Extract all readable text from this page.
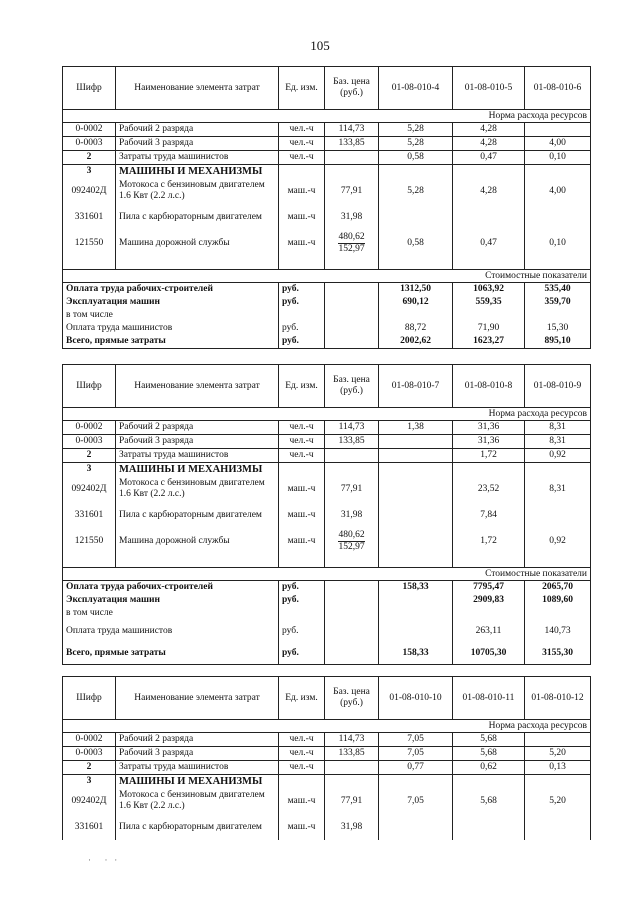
105
Шифр	Наименование элемента затрат	Ед. изм.	Баз. цена (руб.)	01-08-010-4	01-08-010-5	01-08-010-6
Норма расхода ресурсов						
0-0002	Рабочий 2 разряда	чел.-ч	114,73	5,28	4,28	
0-0003	Рабочий 3 разряда	чел.-ч	133,85	5,28	4,28	4,00
2	Затраты труда машинистов	чел.-ч		0,58	0,47	0,10
3	МАШИНЫ И МЕХАНИЗМЫ					
092402Д	Мотокоса с бензиновым двигателем 1.6 Квт (2.2 л.с.)	маш.-ч	77,91	5,28	4,28	4,00
331601	Пила с карбюраторным двигателем	маш.-ч	31,98			
121550	Машина дорожной службы	маш.-ч	$\frac{480,62}{152,97}$	0,58	0,47	0,10

Стоимостные показатели						
Оплата труда рабочих-строителей		руб.		1312,50	1063,92	535,40
Эксплуатация машин		руб.		690,12	559,35	359,70
в том числе						
Оплата труда машинистов		руб.		88,72	71,90	15,30
Всего, прямые затраты		руб.		2002,62	1623,27	895,10
Шифр	Наименование элемента затрат	Ед. изм.	Баз. цена (руб.)	01-08-010-7	01-08-010-8	01-08-010-9
Норма расхода ресурсов						
0-0002	Рабочий 2 разряда	чел.-ч	114,73	1,38	31,36	8,31
0-0003	Рабочий 3 разряда	чел.-ч	133,85		31,36	8,31
2	Затраты труда машинистов	чел.-ч			1,72	0,92
3	МАШИНЫ И МЕХАНИЗМЫ					
092402Д	Мотокоса с бензиновым двигателем 1.6 Квт (2.2 л.с.)	маш.-ч	77,91		23,52	8,31
331601	Пила с карбюраторным двигателем	маш.-ч	31,98		7,84	
121550	Машина дорожной службы	маш.-ч	$\frac{480,62}{152,97}$		1,72	0,92

Стоимостные показатели						
Оплата труда рабочих-строителей		руб.		158,33	7795,47	2065,70
Эксплуатация машин		руб.			2909,83	1089,60
в том числе						
Оплата труда машинистов		руб.			263,11	140,73
Всего, прямые затраты		руб.		158,33	10705,30	3155,30
Шифр	Наименование элемента затрат	Ед. изм.	Баз. цена (руб.)	01-08-010-10	01-08-010-11	01-08-010-12
Норма расхода ресурсов						
0-0002	Рабочий 2 разряда	чел.-ч	114,73	7,05	5,68	
0-0003	Рабочий 3 разряда	чел.-ч	133,85	7,05	5,68	5,20
2	Затраты труда машинистов	чел.-ч		0,77	0,62	0,13
3	МАШИНЫ И МЕХАНИЗМЫ					
092402Д	Мотокоса с бензиновым двигателем 1.6 Квт (2.2 л.с.)	маш.-ч	77,91	7,05	5,68	5,20
331601	Пила с карбюраторным двигателем	маш.-ч	31,98			
·      ·   ·
